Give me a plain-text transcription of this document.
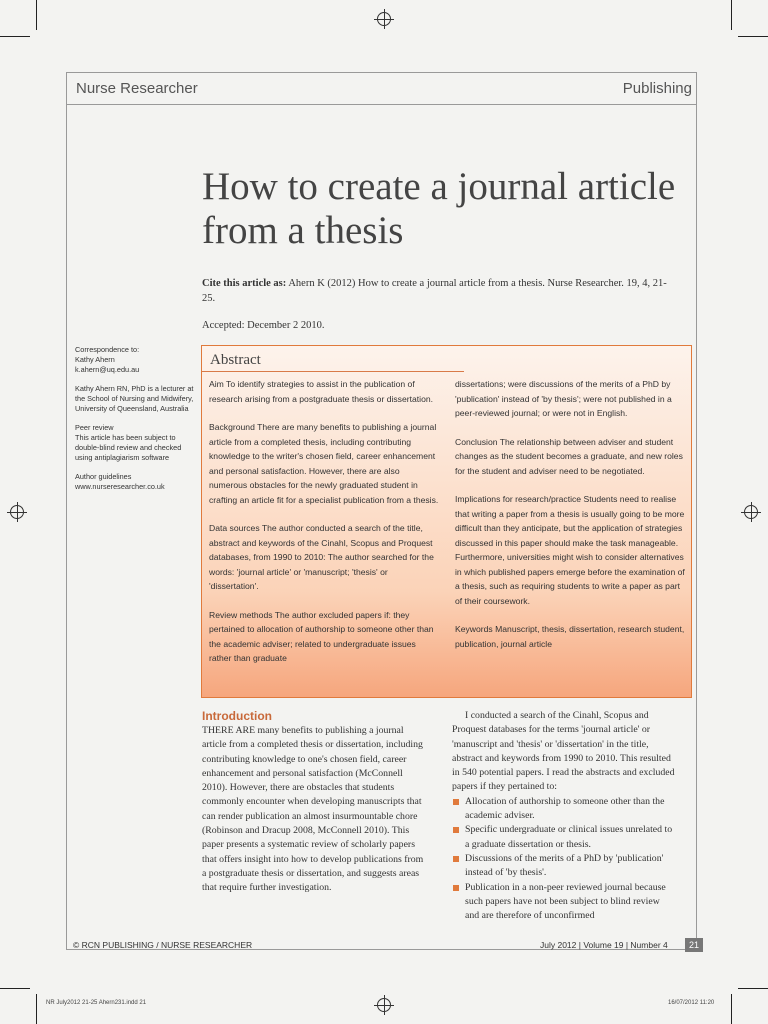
Nurse Researcher	Publishing
How to create a journal article from a thesis
Cite this article as: Ahern K (2012) How to create a journal article from a thesis. Nurse Researcher. 19, 4, 21-25.
Accepted: December 2 2010.

Correspondence to:
Kathy Ahern
k.ahern@uq.edu.au

Kathy Ahern RN, PhD is a lecturer at the School of Nursing and Midwifery, University of Queensland, Australia

Peer review
This article has been subject to double-blind review and checked using antiplagiarism software

Author guidelines
www.nurseresearcher.co.uk

Abstract

Aim To identify strategies to assist in the publication of research arising from a postgraduate thesis or dissertation.

Background There are many benefits to publishing a journal article from a completed thesis, including contributing knowledge to the writer's chosen field, career enhancement and personal satisfaction. However, there are also numerous obstacles for the newly graduated student in crafting an article fit for a specialist publication from a thesis.

Data sources The author conducted a search of the title, abstract and keywords of the Cinahl, Scopus and Proquest databases, from 1990 to 2010: The author searched for the words: 'journal article' or 'manuscript; 'thesis' or 'dissertation'.

Review methods The author excluded papers if: they pertained to allocation of authorship to someone other than the academic adviser; related to undergraduate issues rather than graduate

dissertations; were discussions of the merits of a PhD by 'publication' instead of 'by thesis'; were not published in a peer-reviewed journal; or were not in English.

Conclusion The relationship between adviser and student changes as the student becomes a graduate, and new roles for the student and adviser need to be negotiated.

Implications for research/practice Students need to realise that writing a paper from a thesis is usually going to be more difficult than they anticipate, but the application of strategies discussed in this paper should make the task manageable. Furthermore, universities might wish to consider alternatives in which published papers emerge before the examination of a thesis, such as requiring students to write a paper as part of their coursework.

Keywords Manuscript, thesis, dissertation, research student, publication, journal article

Introduction

THERE ARE many benefits to publishing a journal article from a completed thesis or dissertation, including contributing knowledge to one's chosen field, career enhancement and personal satisfaction (McConnell 2010). However, there are obstacles that students commonly encounter when developing manuscripts that can render publication an almost insurmountable chore (Robinson and Dracup 2008, McConnell 2010). This paper presents a systematic review of scholarly papers that offers insight into how to develop publications from a postgraduate thesis or dissertation, and suggests areas that require further investigation.

I conducted a search of the Cinahl, Scopus and Proquest databases for the terms 'journal article' or 'manuscript and 'thesis' or 'dissertation' in the title, abstract and keywords from 1990 to 2010. This resulted in 540 potential papers. I read the abstracts and excluded papers if they pertained to:

Allocation of authorship to someone other than the academic adviser.
Specific undergraduate or clinical issues unrelated to a graduate dissertation or thesis.
Discussions of the merits of a PhD by 'publication' instead of 'by thesis'.
Publication in a non-peer reviewed journal because such papers have not been subject to blind review and are therefore of unconfirmed
© RCN PUBLISHING / NURSE RESEARCHER	July 2012 | Volume 19 | Number 4	21
NR July2012 21-25 Ahern231.indd 21	16/07/2012 11:20
